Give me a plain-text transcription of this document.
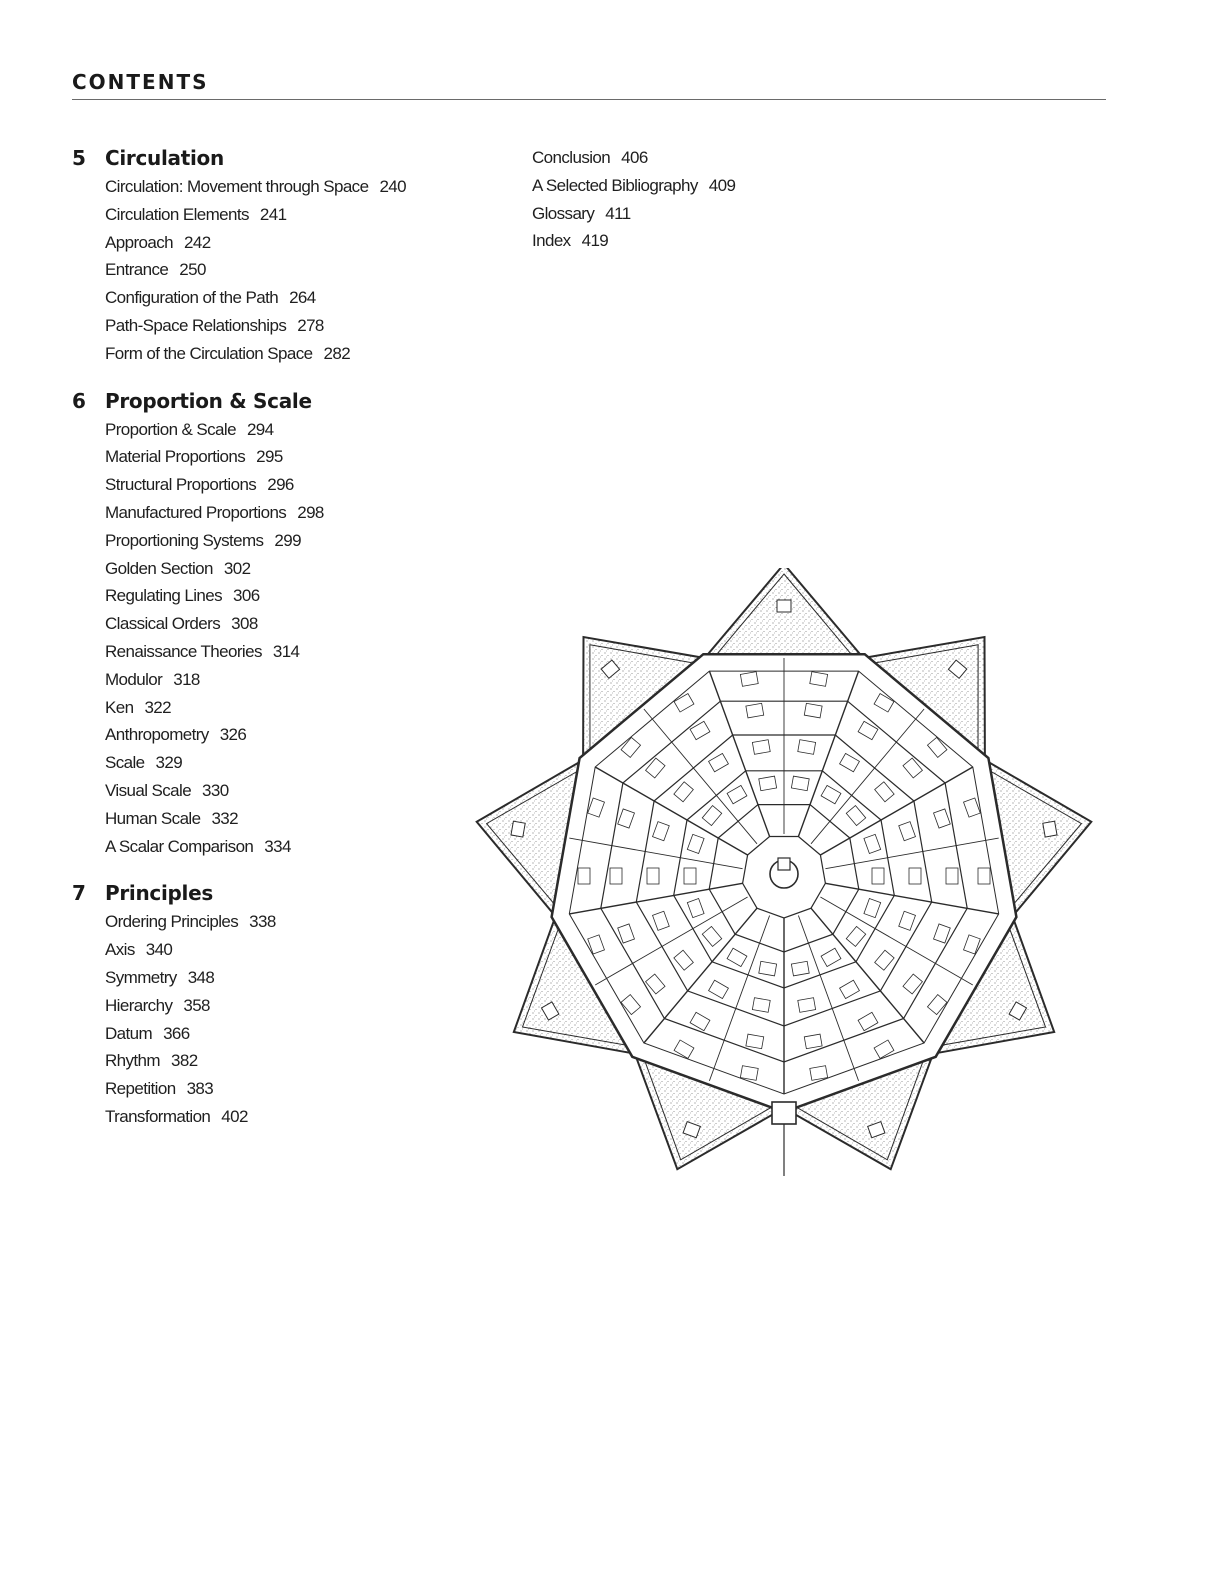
CONTENTS
5 Circulation
Circulation: Movement through Space 240
Circulation Elements 241
Approach 242
Entrance 250
Configuration of the Path 264
Path-Space Relationships 278
Form of the Circulation Space 282
6 Proportion & Scale
Proportion & Scale 294
Material Proportions 295
Structural Proportions 296
Manufactured Proportions 298
Proportioning Systems 299
Golden Section 302
Regulating Lines 306
Classical Orders 308
Renaissance Theories 314
Modulor 318
Ken 322
Anthropometry 326
Scale 329
Visual Scale 330
Human Scale 332
A Scalar Comparison 334
7 Principles
Ordering Principles 338
Axis 340
Symmetry 348
Hierarchy 358
Datum 366
Rhythm 382
Repetition 383
Transformation 402
Conclusion 406
A Selected Bibliography 409
Glossary 411
Index 419
